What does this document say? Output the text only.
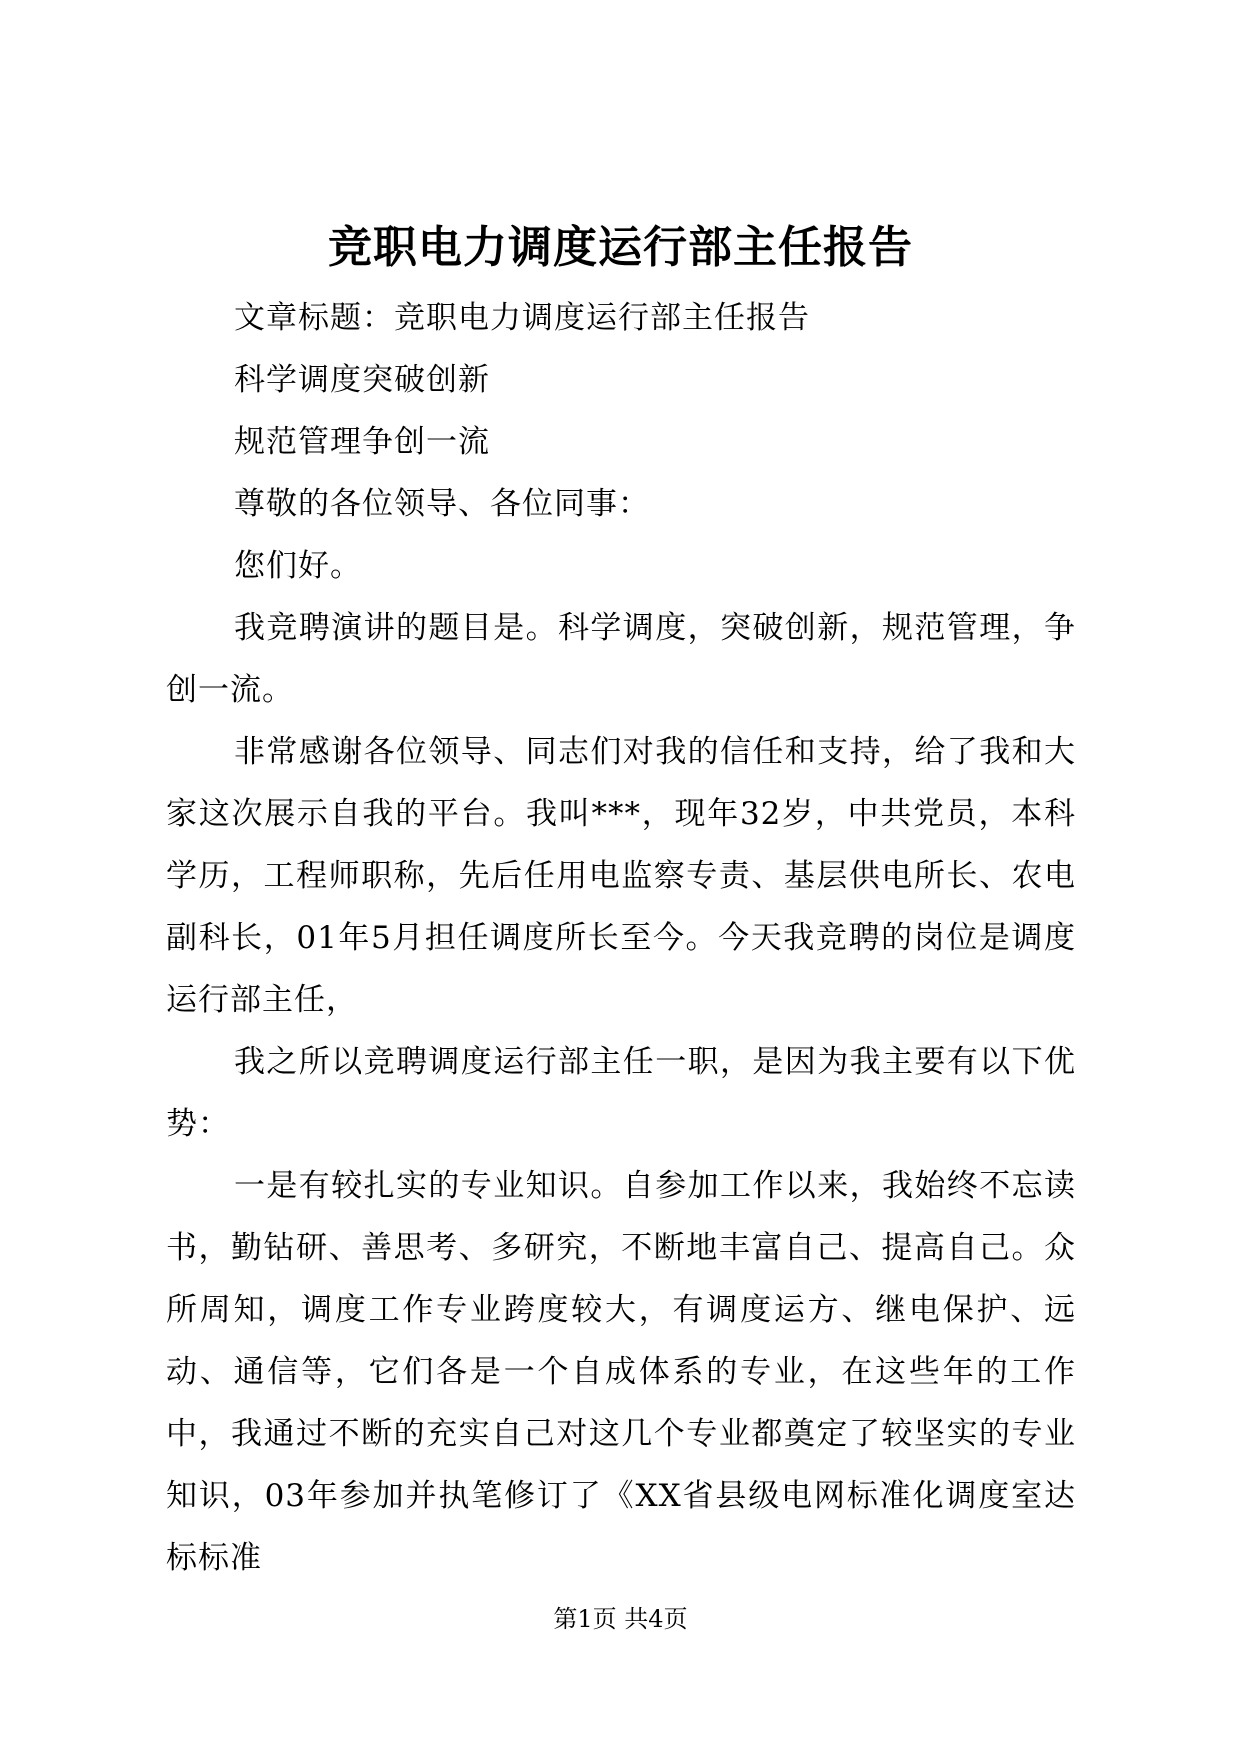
竞职电力调度运行部主任报告

文章标题：竞职电力调度运行部主任报告

科学调度突破创新

规范管理争创一流

尊敬的各位领导、各位同事：

您们好。

我竞聘演讲的题目是。科学调度，突破创新，规范管理，争创一流。

非常感谢各位领导、同志们对我的信任和支持，给了我和大家这次展示自我的平台。我叫***，现年32岁，中共党员，本科学历，工程师职称，先后任用电监察专责、基层供电所长、农电副科长，01年5月担任调度所长至今。今天我竞聘的岗位是调度运行部主任，

我之所以竞聘调度运行部主任一职，是因为我主要有以下优势：

一是有较扎实的专业知识。自参加工作以来，我始终不忘读书，勤钻研、善思考、多研究，不断地丰富自己、提高自己。众所周知，调度工作专业跨度较大，有调度运方、继电保护、远动、通信等，它们各是一个自成体系的专业，在这些年的工作中，我通过不断的充实自己对这几个专业都奠定了较坚实的专业知识，03年参加并执笔修订了《XX省县级电网标准化调度室达标标准

第1页 共4页
